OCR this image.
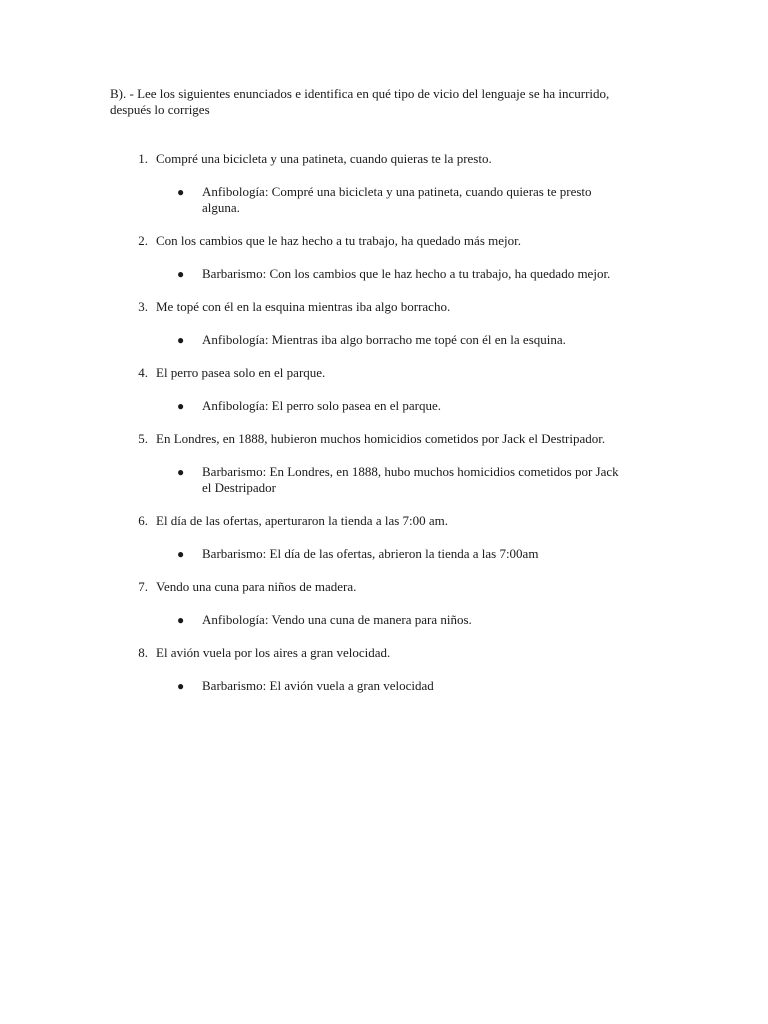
B). - Lee los siguientes enunciados e identifica en qué tipo de vicio del lenguaje se ha incurrido,

después lo corriges

1. Compré una bicicleta y una patineta, cuando quieras te la presto.
● Anfibología: Compré una bicicleta y una patineta, cuando quieras te presto
alguna.
2. Con los cambios que le haz hecho a tu trabajo, ha quedado más mejor.
● Barbarismo: Con los cambios que le haz hecho a tu trabajo, ha quedado mejor.
3. Me topé con él en la esquina mientras iba algo borracho.
● Anfibología: Mientras iba algo borracho me topé con él en la esquina.
4. El perro pasea solo en el parque.
● Anfibología: El perro solo pasea en el parque.
5. En Londres, en 1888, hubieron muchos homicidios cometidos por Jack el Destripador.
● Barbarismo: En Londres, en 1888, hubo muchos homicidios cometidos por Jack
el Destripador
6. El día de las ofertas, aperturaron la tienda a las 7:00 am.
● Barbarismo: El día de las ofertas, abrieron la tienda a las 7:00am
7. Vendo una cuna para niños de madera.
● Anfibología: Vendo una cuna de manera para niños.
8. El avión vuela por los aires a gran velocidad.
● Barbarismo: El avión vuela a gran velocidad
